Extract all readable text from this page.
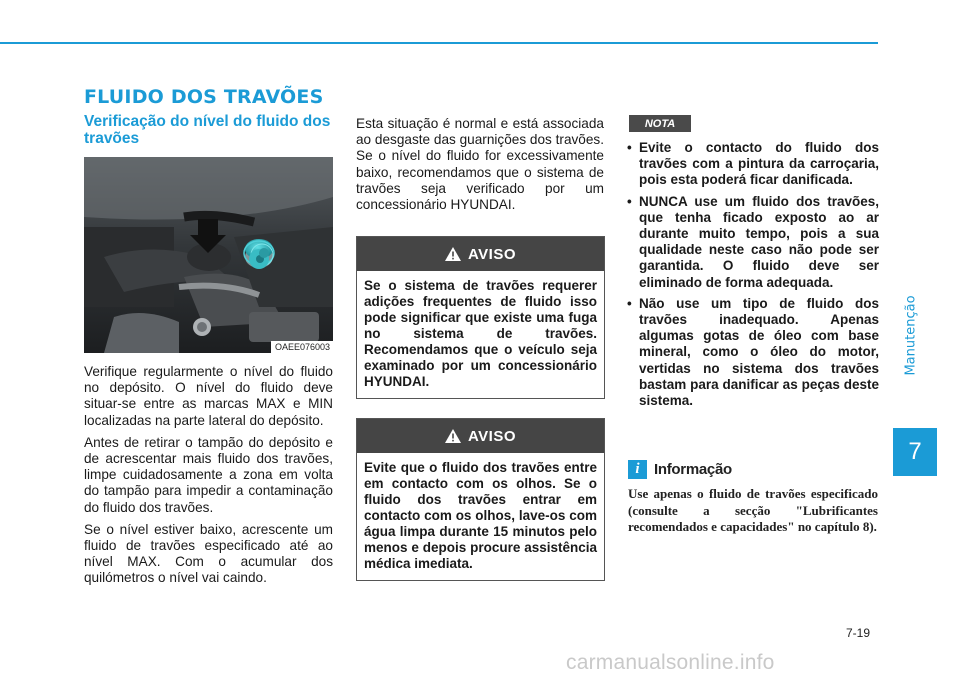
FLUIDO DOS TRAVÕES
Verificação do nível do fluido dos travões
OAEE076003

Verifique regularmente o nível do fluido no depósito. O nível do fluido deve situar-se entre as marcas MAX e MIN localizadas na parte lateral do depósito.

Antes de retirar o tampão do depósito e de acrescentar mais fluido dos travões, limpe cuidadosamente a zona em volta do tampão para impedir a contaminação do fluido dos travões.

Se o nível estiver baixo, acrescente um fluido de travões especificado até ao nível MAX. Com o acumular dos quilómetros o nível vai caindo.

Esta situação é normal e está associada ao desgaste das guarnições dos travões. Se o nível do fluido for excessivamente baixo, recomendamos que o sistema de travões seja verificado por um concessionário HYUNDAI.

AVISO
Se o sistema de travões requerer adições frequentes de fluido isso pode significar que existe uma fuga no sistema de travões. Recomendamos que o veículo seja examinado por um concessionário HYUNDAI.
AVISO
Evite que o fluido dos travões entre em contacto com os olhos. Se o fluido dos travões entrar em contacto com os olhos, lave-os com água limpa durante 15 minutos pelo menos e depois procure assistência médica imediata.
NOTA
• Evite o contacto do fluido dos travões com a pintura da carroçaria, pois esta poderá ficar danificada.
• NUNCA use um fluido dos travões, que tenha ficado exposto ao ar durante muito tempo, pois a sua qualidade neste caso não pode ser garantida. O fluido deve ser eliminado de forma adequada.
• Não use um tipo de fluido dos travões inadequado. Apenas algumas gotas de óleo com base mineral, como o óleo do motor, vertidas no sistema dos travões bastam para danificar as peças deste sistema.
i Informação

Use apenas o fluido de travões especificado (consulte a secção "Lubrificantes recomendados e capacidades" no capítulo 8).

Manutenção
7
7-19
carmanualsonline.info
